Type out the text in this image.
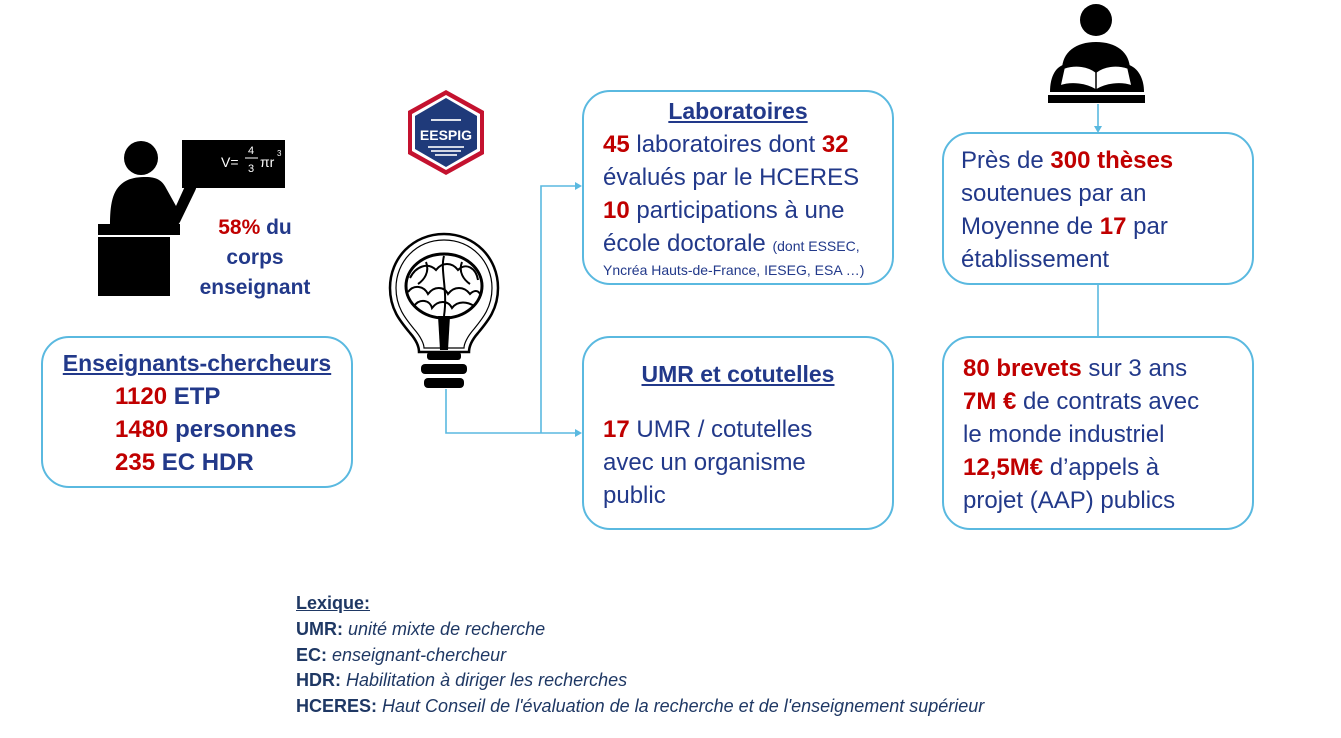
V=
4
3 πr
3
EESPIG
58% du
corps
enseignant
Enseignants-chercheurs
1120 ETP
1480 personnes
235 EC HDR
Laboratoires
45 laboratoires dont 32
évalués par le HCERES
10 participations à une
école doctorale (dont ESSEC,
Yncréa Hauts-de-France, IESEG, ESA …)
UMR et cotutelles
17 UMR / cotutelles
avec un organisme
public
Près de 300 thèses
soutenues par an
Moyenne de 17 par
établissement
80 brevets sur 3 ans
7M € de contrats avec
le monde industriel
12,5M€ d’appels à
projet (AAP) publics
Lexique:
UMR: unité mixte de recherche
EC: enseignant-chercheur
HDR: Habilitation à diriger les recherches
HCERES: Haut Conseil de l'évaluation de la recherche et de l'enseignement supérieur
